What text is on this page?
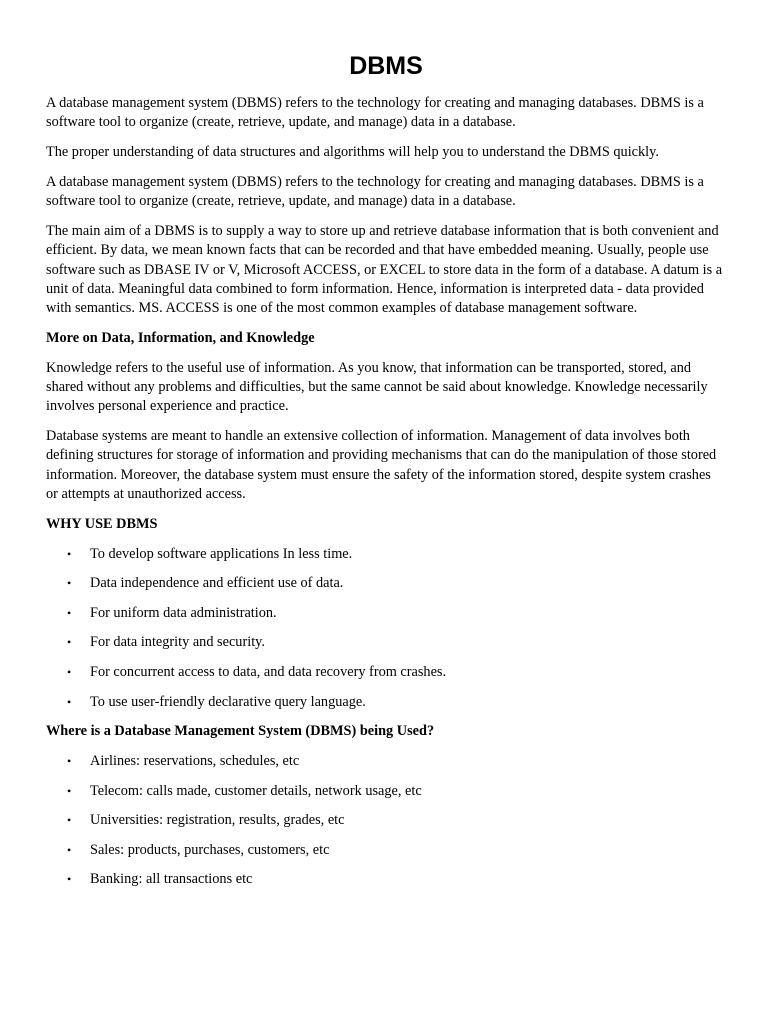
DBMS

A database management system (DBMS) refers to the technology for creating and managing databases. DBMS is a software tool to organize (create, retrieve, update, and manage) data in a database.

The proper understanding of data structures and algorithms will help you to understand the DBMS quickly.

A database management system (DBMS) refers to the technology for creating and managing databases. DBMS is a software tool to organize (create, retrieve, update, and manage) data in a database.

The main aim of a DBMS is to supply a way to store up and retrieve database information that is both convenient and efficient. By data, we mean known facts that can be recorded and that have embedded meaning. Usually, people use software such as DBASE IV or V, Microsoft ACCESS, or EXCEL to store data in the form of a database. A datum is a unit of data. Meaningful data combined to form information. Hence, information is interpreted data - data provided with semantics. MS. ACCESS is one of the most common examples of database management software.

More on Data, Information, and Knowledge

Knowledge refers to the useful use of information. As you know, that information can be transported, stored, and shared without any problems and difficulties, but the same cannot be said about knowledge. Knowledge necessarily involves personal experience and practice.

Database systems are meant to handle an extensive collection of information. Management of data involves both defining structures for storage of information and providing mechanisms that can do the manipulation of those stored information. Moreover, the database system must ensure the safety of the information stored, despite system crashes or attempts at unauthorized access.

WHY USE DBMS

• To develop software applications In less time.
• Data independence and efficient use of data.
• For uniform data administration.
• For data integrity and security.
• For concurrent access to data, and data recovery from crashes.
• To use user-friendly declarative query language.

Where is a Database Management System (DBMS) being Used?

• Airlines: reservations, schedules, etc
• Telecom: calls made, customer details, network usage, etc
• Universities: registration, results, grades, etc
• Sales: products, purchases, customers, etc
• Banking: all transactions etc
